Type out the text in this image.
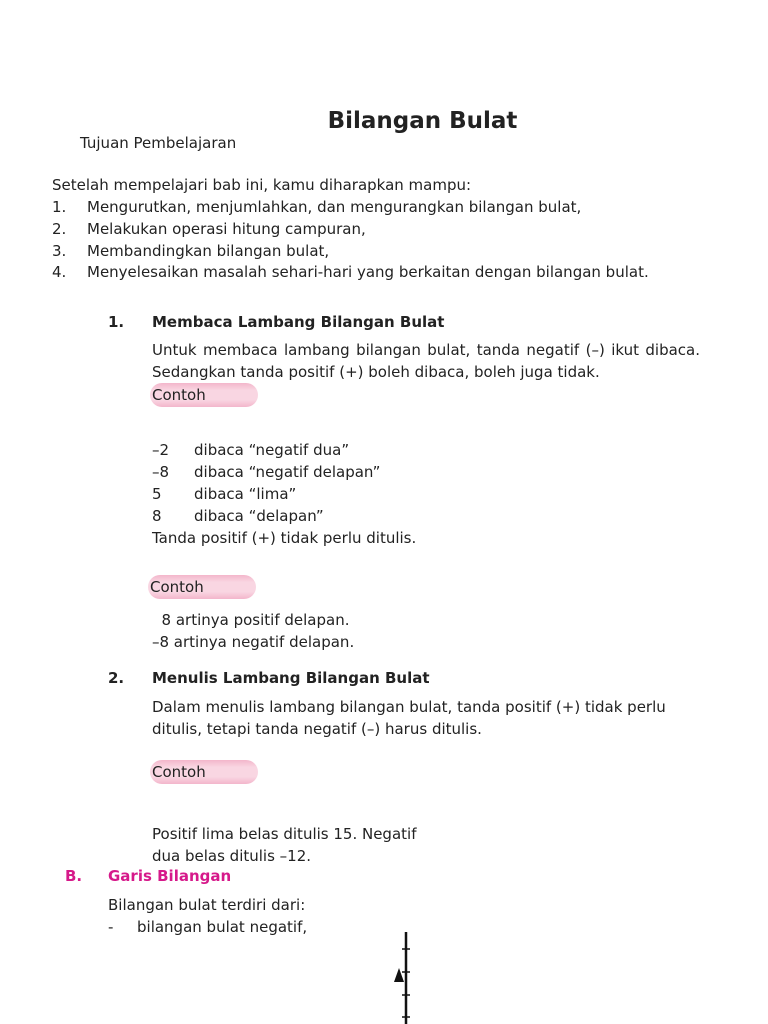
Bilangan Bulat
Tujuan Pembelajaran
Setelah mempelajari bab ini, kamu diharapkan mampu:
1. Mengurutkan, menjumlahkan, dan mengurangkan bilangan bulat,
2. Melakukan operasi hitung campuran,
3. Membandingkan bilangan bulat,
4. Menyelesaikan masalah sehari-hari yang berkaitan dengan bilangan bulat.
1. Membaca Lambang Bilangan Bulat
Untuk membaca lambang bilangan bulat, tanda negatif (–) ikut dibaca. Sedangkan tanda positif (+) boleh dibaca, boleh juga tidak.
Contoh
–2 dibaca “negatif dua”
–8 dibaca “negatif delapan”
5 dibaca “lima”
8 dibaca “delapan”
Tanda positif (+) tidak perlu ditulis.
Contoh
8 artinya positif delapan.
–8 artinya negatif delapan.
2. Menulis Lambang Bilangan Bulat
Dalam menulis lambang bilangan bulat, tanda positif (+) tidak perlu
ditulis, tetapi tanda negatif (–) harus ditulis.
Contoh
Positif lima belas ditulis 15. Negatif
dua belas ditulis –12.
B. Garis Bilangan
Bilangan bulat terdiri dari:
- bilangan bulat negatif,
